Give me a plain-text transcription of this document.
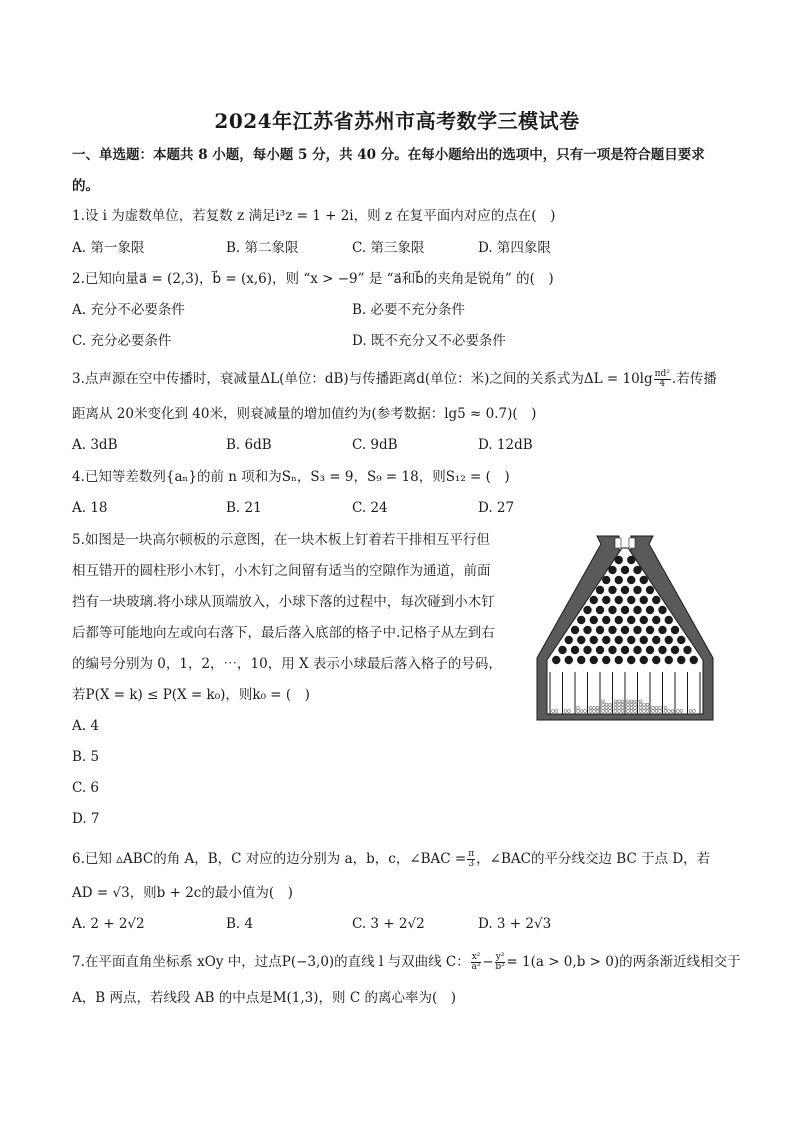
2024年江苏省苏州市高考数学三模试卷
一、单选题：本题共 8 小题，每小题 5 分，共 40 分。在每小题给出的选项中，只有一项是符合题目要求
的。
1.设 i 为虚数单位，若复数 z 满足i³z = 1 + 2i，则 z 在复平面内对应的点在(　)
A. 第一象限	B. 第二象限	C. 第三象限	D. 第四象限
2.已知向量a⃗ = (2,3)，b⃗ = (x,6)，则 “x > −9” 是 “a⃗和b⃗的夹角是锐角” 的(　)
A. 充分不必要条件	B. 必要不充分条件
C. 充分必要条件	D. 既不充分又不必要条件
3.点声源在空中传播时，衰减量ΔL(单位：dB)与传播距离d(单位：米)之间的关系式为$\Delta L = 10\lg \frac{\text{πd²}}{4}$ .若传播
距离从 20米变化到 40米，则衰减量的增加值约为(参考数据：lg5 ≈ 0.7)(　)
A. 3dB	B. 6dB	C. 9dB	D. 12dB
4.已知等差数列{aₙ}的前 n 项和为Sₙ，S₃ = 9，S₉ = 18，则S₁₂ = (　)
A. 18	B. 21	C. 24	D. 27
5.如图是一块高尔顿板的示意图，在一块木板上钉着若干排相互平行但
相互错开的圆柱形小木钉，小木钉之间留有适当的空隙作为通道，前面
挡有一块玻璃.将小球从顶端放入，小球下落的过程中，每次碰到小木钉
后都等可能地向左或向右落下，最后落入底部的格子中.记格子从左到右
的编号分别为 0，1，2，⋯，10，用 X 表示小球最后落入格子的号码，
若P(X = k) ≤ P(X = k₀)，则k₀ = (　)
A. 4
B. 5
C. 6
D. 7
6.已知 ▵ABC的角 A，B，C 对应的边分别为 a，b，c，∠BAC = $\frac{\pi}{3}$ ，∠BAC的平分线交边 BC 于点 D，若
AD = √3，则b + 2c的最小值为(　)
A. 2 + 2√2	B. 4	C. 3 + 2√2	D. 3 + 2√3
7.在平面直角坐标系 xOy 中，过点P(−3,0)的直线 l 与双曲线 C： $\frac{\text{x²}}{\text{a²}} - \frac{\text{y²}}{\text{b²}} = 1(a > 0,b > 0)$的两条渐近线相交于
A，B 两点，若线段 AB 的中点是M(1,3)，则 C 的离心率为(　)
